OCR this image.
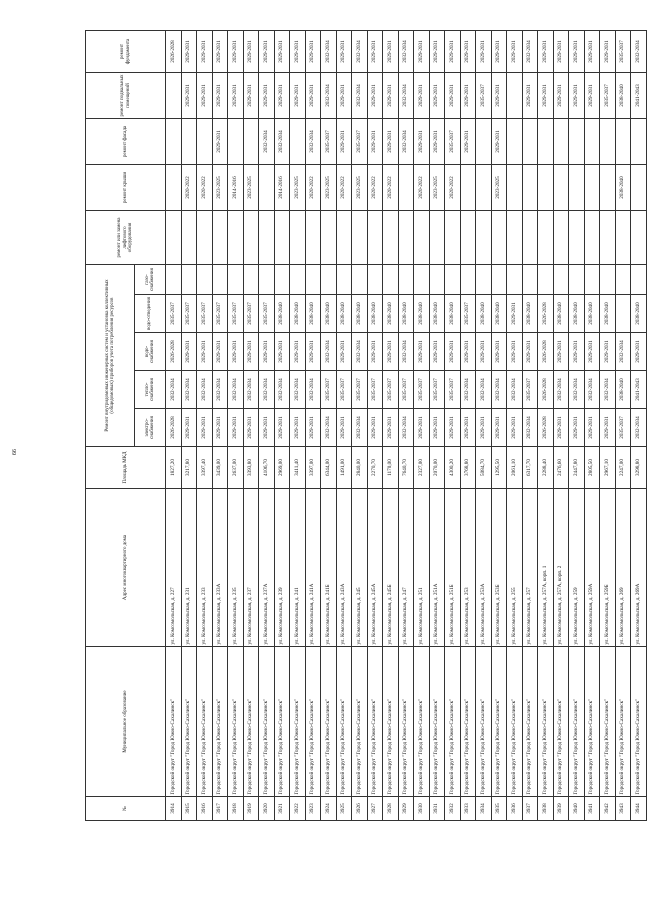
99
№	Муниципальное образование	Адрес многоквартирного дома	Площадь МКД	Ремонт внутридомовых инженерных систем и установка коллективных (общедомовых) приборов учета потребления ресурсов					ремонт или замена лифтового оборудования	ремонт крыши	ремонт фасада	ремонт подвальных помещений	ремонт фундамента
				электро-снабжения	тепло-снабжения	водо-снабжения	водо-отведения	газо-снабжения					
3914	Городской округ "Город Южно-Сахалинск"	ул. Комсомольская, д. 227	1827,20	2026-2028	2032-2034	2026-2028	2035-2037						2026-2028
3915	Городской округ "Город Южно-Сахалинск"	ул. Комсомольская, д. 231	3217,80	2029-2031	2032-2034	2029-2031	2035-2037			2020-2022		2029-2031	2029-2031
3916	Городской округ "Город Южно-Сахалинск"	ул. Комсомольская, д. 233	3397,40	2029-2031	2032-2034	2029-2031	2035-2037			2020-2022		2029-2031	2029-2031
3917	Городской округ "Город Южно-Сахалинск"	ул. Комсомольская, д. 233А	3439,00	2029-2031	2032-2034	2029-2031	2035-2037			2023-2025	2029-2031	2029-2031	2029-2031
3918	Городской округ "Город Южно-Сахалинск"	ул. Комсомольская, д. 235	2637,00	2029-2031	2032-2034	2029-2031	2035-2037			2014-2016		2029-2031	2029-2031
3919	Городской округ "Город Южно-Сахалинск"	ул. Комсомольская, д. 237	3393,80	2029-2031	2032-2034	2029-2031	2035-2037			2023-2025		2029-2031	2029-2031
3920	Городской округ "Город Южно-Сахалинск"	ул. Комсомольская, д. 237А	4106,70	2029-2031	2032-2034	2029-2031	2035-2037				2032-2034	2029-2031	2029-2031
3921	Городской округ "Город Южно-Сахалинск"	ул. Комсомольская, д. 239	2969,00	2029-2031	2032-2034	2029-2031	2038-2040			2014-2016	2032-2034	2029-2031	2029-2031
3922	Городской округ "Город Южно-Сахалинск"	ул. Комсомольская, д. 241	3411,40	2029-2031	2032-2034	2029-2031	2038-2040			2023-2025		2029-2031	2029-2031
3923	Городской округ "Город Южно-Сахалинск"	ул. Комсомольская, д. 241А	3397,00	2029-2031	2032-2034	2029-2031	2038-2040			2020-2022	2032-2034	2029-2031	2029-2031
3924	Городской округ "Город Южно-Сахалинск"	ул. Комсомольская, д. 241Б	6344,00	2032-2034	2035-2037	2032-2034	2038-2040			2023-2025	2035-2037	2032-2034	2032-2034
3925	Городской округ "Город Южно-Сахалинск"	ул. Комсомольская, д. 243А	1491,00	2029-2031	2035-2037	2029-2031	2038-2040			2020-2022	2029-2031	2029-2031	2029-2031
3926	Городской округ "Город Южно-Сахалинск"	ул. Комсомольская, д. 245	2840,00	2032-2034	2035-2037	2032-2034	2038-2040			2023-2025	2035-2037	2032-2034	2032-2034
3927	Городской округ "Город Южно-Сахалинск"	ул. Комсомольская, д. 245А	2270,70	2029-2031	2035-2037	2029-2031	2038-2040			2020-2022	2029-2031	2029-2031	2029-2031
3928	Городской округ "Город Южно-Сахалинск"	ул. Комсомольская, д. 245Б	1170,00	2029-2031	2035-2037	2029-2031	2038-2040			2020-2022	2029-2031	2029-2031	2029-2031
3929	Городской округ "Город Южно-Сахалинск"	ул. Комсомольская, д. 247	7640,70	2032-2034	2035-2037	2032-2034	2038-2040				2032-2034	2032-2034	2032-2034
3930	Городской округ "Город Южно-Сахалинск"	ул. Комсомольская, д. 251	2327,00	2029-2031	2035-2037	2029-2031	2038-2040			2020-2022	2029-2031	2029-2031	2029-2031
3931	Городской округ "Город Южно-Сахалинск"	ул. Комсомольская, д. 251А	2070,00	2029-2031	2035-2037	2029-2031	2038-2040			2023-2025	2029-2031	2029-2031	2029-2031
3932	Городской округ "Город Южно-Сахалинск"	ул. Комсомольская, д. 251Б	4300,20	2029-2031	2035-2037	2029-2031	2038-2040			2020-2022	2035-2037	2029-2031	2029-2031
3933	Городской округ "Город Южно-Сахалинск"	ул. Комсомольская, д. 253	3768,80	2029-2031	2032-2034	2029-2031	2035-2037				2029-2031	2029-2031	2029-2031
3934	Городской округ "Город Южно-Сахалинск"	ул. Комсомольская, д. 253А	5084,70	2029-2031	2032-2034	2029-2031	2038-2040					2035-2037	2029-2031
3935	Городской округ "Город Южно-Сахалинск"	ул. Комсомольская, д. 253Б	1295,50	2029-2031	2032-2034	2029-2031	2038-2040			2023-2025	2029-2031	2029-2031	2029-2031
3936	Городской округ "Город Южно-Сахалинск"	ул. Комсомольская, д. 255	2061,10	2029-2031	2032-2034	2029-2031	2029-2031						2029-2031
3937	Городской округ "Город Южно-Сахалинск"	ул. Комсомольская, д. 257	6317,70	2032-2034	2035-2037	2029-2031	2038-2040					2029-2031	2032-2034
3938	Городской округ "Город Южно-Сахалинск"	ул. Комсомольская, д. 257А, корп. 1	2288,40	2026-2028	2026-2028	2026-2028	2026-2028					2029-2031	2029-2031
3939	Городской округ "Город Южно-Сахалинск"	ул. Комсомольская, д. 257А, корп. 2	2476,60	2029-2031	2032-2034	2029-2031	2038-2040					2029-2031	2029-2031
3940	Городской округ "Город Южно-Сахалинск"	ул. Комсомольская, д. 259	2447,80	2029-2031	2032-2034	2029-2031	2038-2040					2029-2031	2029-2031
3941	Городской округ "Город Южно-Сахалинск"	ул. Комсомольская, д. 259А	2805,50	2029-2031	2032-2034	2029-2031	2038-2040					2029-2031	2029-2031
3942	Городской округ "Город Южно-Сахалинск"	ул. Комсомольская, д. 259Б	2967,10	2029-2031	2032-2034	2029-2031	2038-2040					2035-2037	2029-2031
3943	Городской округ "Город Южно-Сахалинск"	ул. Комсомольская, д. 269	2247,00	2035-2037	2038-2040	2032-2034				2038-2040		2038-2040	2035-2037
3944	Городской округ "Город Южно-Сахалинск"	ул. Комсомольская, д. 269А	3298,80	2032-2034	2041-2043	2029-2031	2038-2040					2041-2043	2032-2034
